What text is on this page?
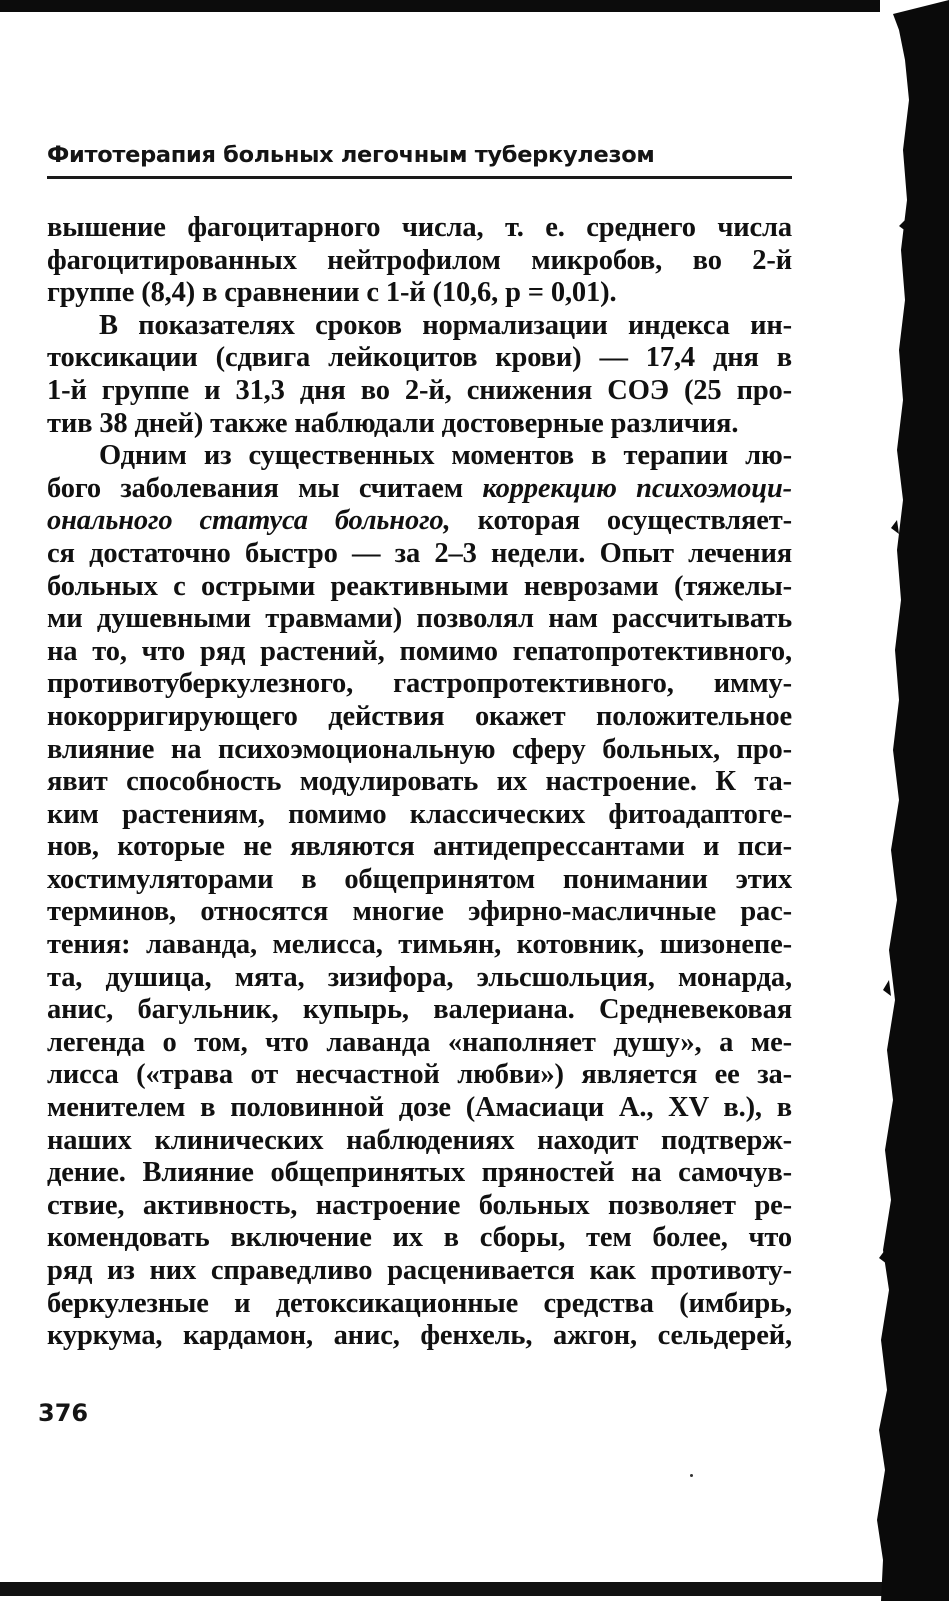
Фитотерапия больных легочным туберкулезом
вышение фагоцитарного числа, т. е. среднего числа
фагоцитированных нейтрофилом микробов, во 2-й
группе (8,4) в сравнении с 1-й (10,6, р = 0,01).
В показателях сроков нормализации индекса ин-
токсикации (сдвига лейкоцитов крови) — 17,4 дня в
1-й группе и 31,3 дня во 2-й, снижения СОЭ (25 про-
тив 38 дней) также наблюдали достоверные различия.
Одним из существенных моментов в терапии лю-
бого заболевания мы считаем коррекцию психоэмоци-
онального статуса больного, которая осуществляет-
ся достаточно быстро — за 2–3 недели. Опыт лечения
больных с острыми реактивными неврозами (тяжелы-
ми душевными травмами) позволял нам рассчитывать
на то, что ряд растений, помимо гепатопротективного,
противотуберкулезного, гастропротективного, имму-
нокорригирующего действия окажет положительное
влияние на психоэмоциональную сферу больных, про-
явит способность модулировать их настроение. К та-
ким растениям, помимо классических фитоадаптоге-
нов, которые не являются антидепрессантами и пси-
хостимуляторами в общепринятом понимании этих
терминов, относятся многие эфирно-масличные рас-
тения: лаванда, мелисса, тимьян, котовник, шизонепе-
та, душица, мята, зизифора, эльсшольция, монарда,
анис, багульник, купырь, валериана. Средневековая
легенда о том, что лаванда «наполняет душу», а ме-
лисса («трава от несчастной любви») является ее за-
менителем в половинной дозе (Амасиаци А., XV в.), в
наших клинических наблюдениях находит подтверж-
дение. Влияние общепринятых пряностей на самочув-
ствие, активность, настроение больных позволяет ре-
комендовать включение их в сборы, тем более, что
ряд из них справедливо расценивается как противоту-
беркулезные и детоксикационные средства (имбирь,
куркума, кардамон, анис, фенхель, ажгон, сельдерей,
376
